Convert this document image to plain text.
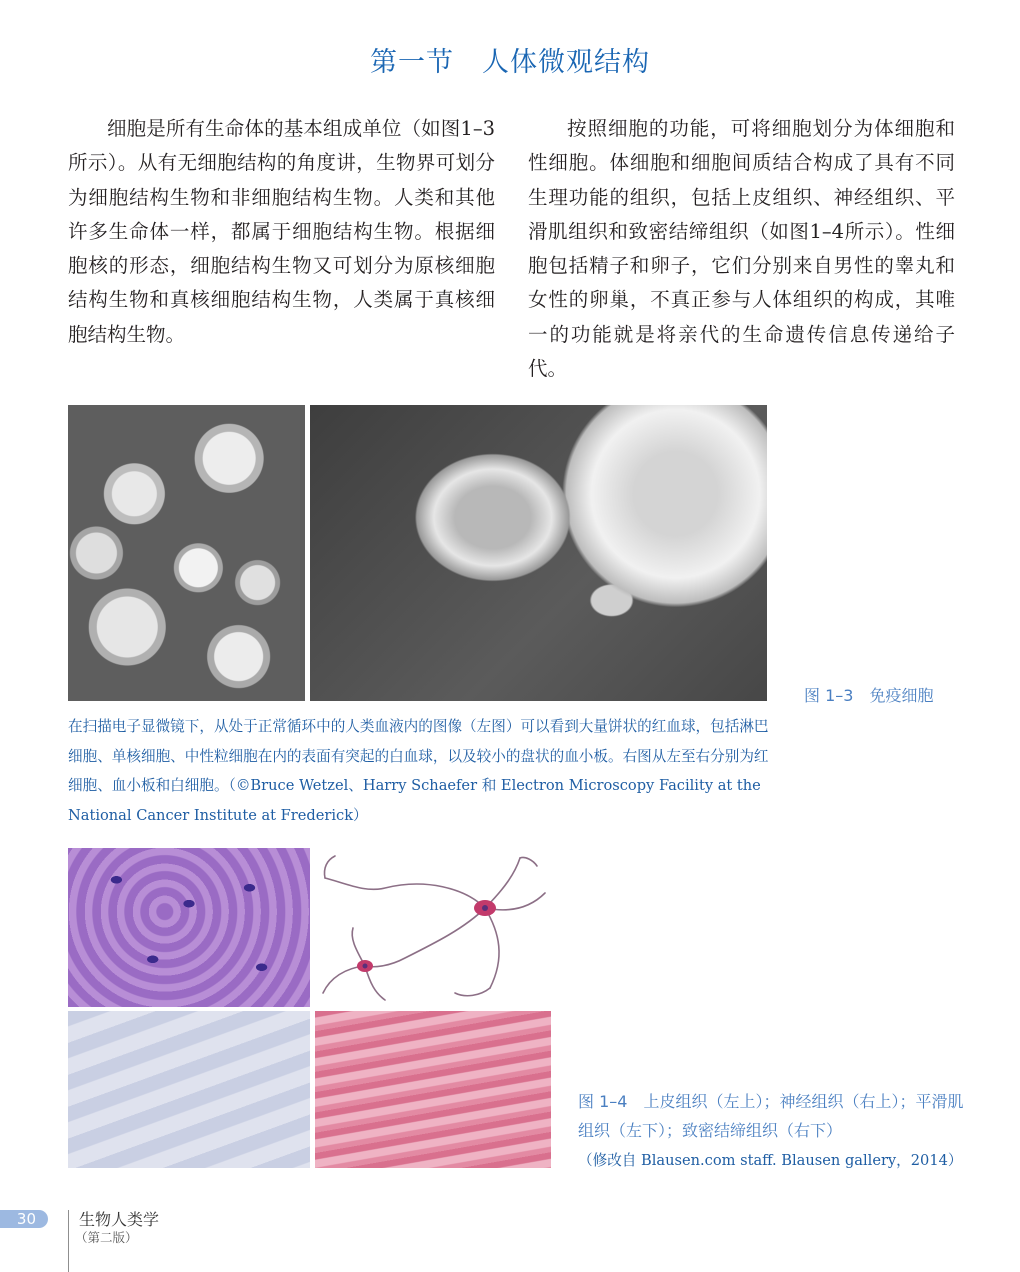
第一节 人体微观结构

细胞是所有生命体的基本组成单位（如图1–3所示）。从有无细胞结构的角度讲，生物界可划分为细胞结构生物和非细胞结构生物。人类和其他许多生命体一样，都属于细胞结构生物。根据细胞核的形态，细胞结构生物又可划分为原核细胞结构生物和真核细胞结构生物，人类属于真核细胞结构生物。

按照细胞的功能，可将细胞划分为体细胞和性细胞。体细胞和细胞间质结合构成了具有不同生理功能的组织，包括上皮组织、神经组织、平滑肌组织和致密结缔组织（如图1–4所示）。性细胞包括精子和卵子，它们分别来自男性的睾丸和女性的卵巢，不真正参与人体组织的构成，其唯一的功能就是将亲代的生命遗传信息传递给子代。

图 1–3　免疫细胞

在扫描电子显微镜下，从处于正常循环中的人类血液内的图像（左图）可以看到大量饼状的红血球，包括淋巴细胞、单核细胞、中性粒细胞在内的表面有突起的白血球，以及较小的盘状的血小板。右图从左至右分别为红细胞、血小板和白细胞。（©Bruce Wetzel、Harry Schaefer 和 Electron Microscopy Facility at the National Cancer Institute at Frederick）

图 1–4　上皮组织（左上）；神经组织（右上）；平滑肌组织（左下）；致密结缔组织（右下）

（修改自 Blausen.com staff. Blausen gallery，2014）
30	生物人类学
（第二版）
